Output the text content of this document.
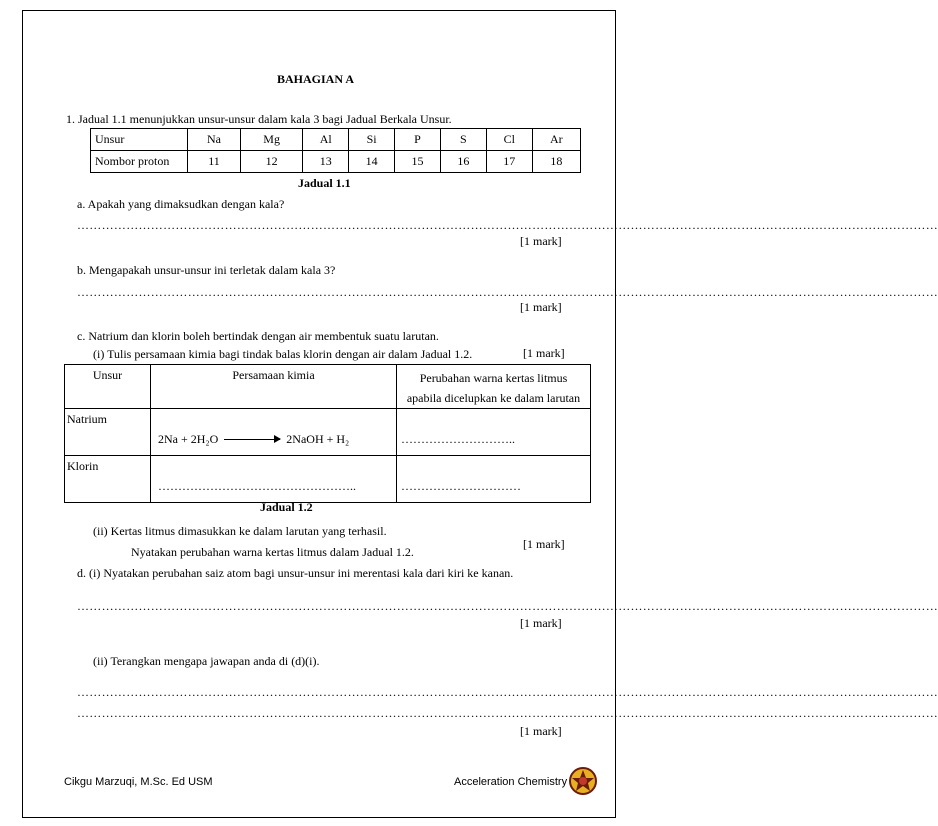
BAHAGIAN A
1. Jadual 1.1 menunjukkan unsur-unsur dalam kala 3 bagi Jadual Berkala Unsur.
Unsur	Na	Mg	Al	Si	P	S	Cl	Ar
Nombor proton	11	12	13	14	15	16	17	18
Jadual 1.1
a. Apakah yang dimaksudkan dengan kala?
…………………………………………………………………………………………………………………………………………………………………………………………
[1 mark]
b. Mengapakah unsur-unsur ini terletak dalam kala 3?
…………………………………………………………………………………………………………………………………………………………………………………………
[1 mark]
c. Natrium dan klorin boleh bertindak dengan air membentuk suatu larutan.
(i) Tulis persamaan kimia bagi tindak balas klorin dengan air dalam Jadual 1.2.	[1 mark]
Unsur	Persamaan kimia	Perubahan warna kertas litmus
apabila dicelupkan ke dalam larutan

Natrium	2Na + 2H₂O 2NaOH + H₂	………………………..
Klorin	…………………………………………..	…………………………
Jadual 1.2
(ii) Kertas litmus dimasukkan ke dalam larutan yang terhasil.
Nyatakan perubahan warna kertas litmus dalam Jadual 1.2.
[1 mark]
d. (i) Nyatakan perubahan saiz atom bagi unsur-unsur ini merentasi kala dari kiri ke kanan.
…………………………………………………………………………………………………………………………………………………………………………………………
[1 mark]
(ii) Terangkan mengapa jawapan anda di (d)(i).
…………………………………………………………………………………………………………………………………………………………………………………………
…………………………………………………………………………………………………………………………………………………………………………………………
[1 mark]
Cikgu Marzuqi, M.Sc. Ed USM	Acceleration Chemistry
